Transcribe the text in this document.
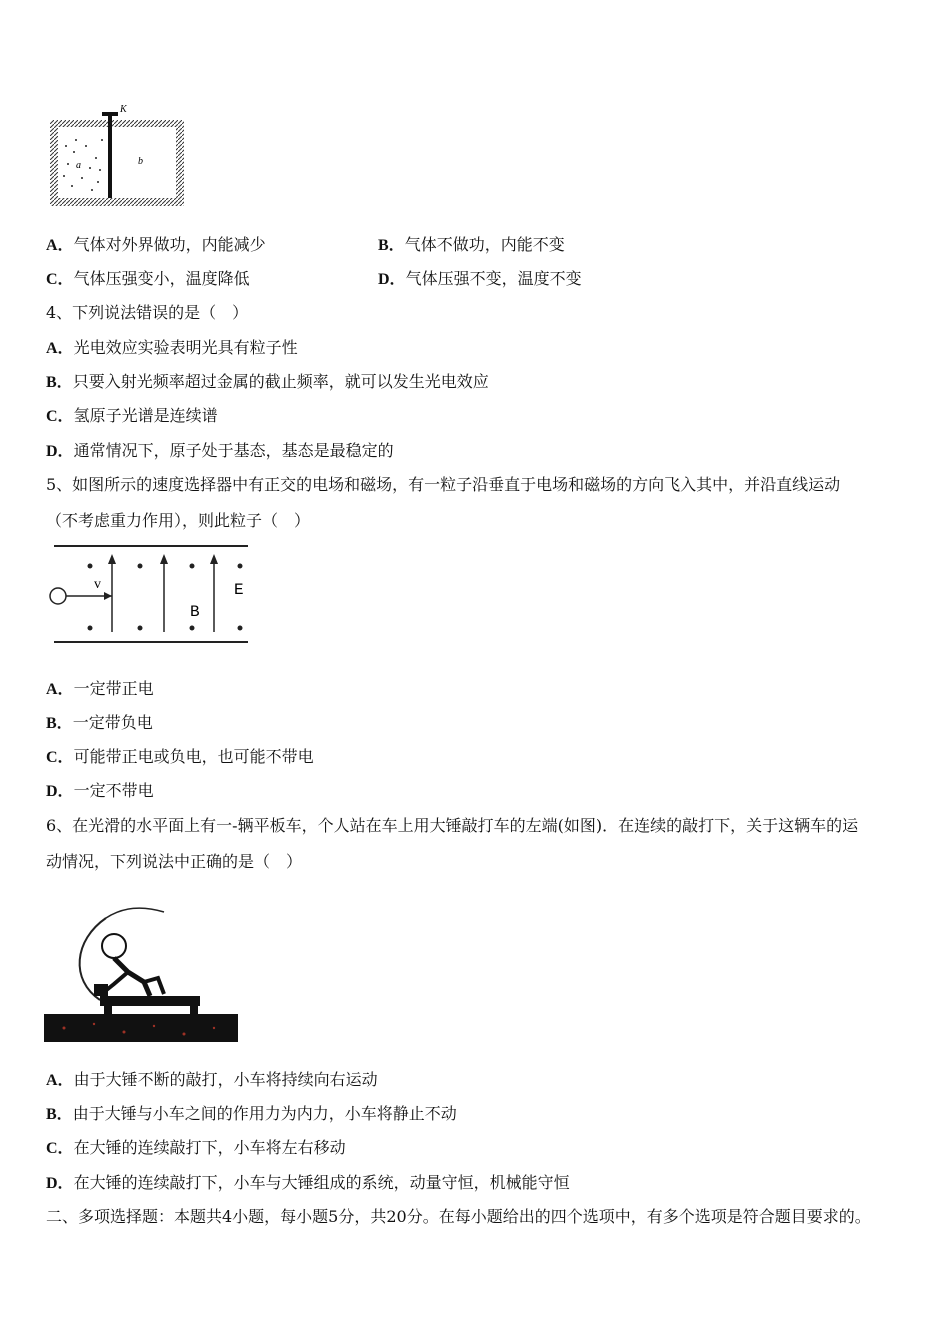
K
a	b
A．气体对外界做功，内能减少	B．气体不做功，内能不变
C．气体压强变小，温度降低	D．气体压强不变，温度不变
4、下列说法错误的是（　）
A．光电效应实验表明光具有粒子性
B．只要入射光频率超过金属的截止频率，就可以发生光电效应
C．氢原子光谱是连续谱
D．通常情况下，原子处于基态，基态是最稳定的
5、如图所示的速度选择器中有正交的电场和磁场，有一粒子沿垂直于电场和磁场的方向飞入其中，并沿直线运动
（不考虑重力作用），则此粒子（　）
v
B
E
A．一定带正电
B．一定带负电
C．可能带正电或负电，也可能不带电
D．一定不带电
6、在光滑的水平面上有一-辆平板车，个人站在车上用大锤敲打车的左端(如图)．在连续的敲打下，关于这辆车的运
动情况，下列说法中正确的是（　）
A．由于大锤不断的敲打，小车将持续向右运动
B．由于大锤与小车之间的作用力为内力，小车将静止不动
C．在大锤的连续敲打下，小车将左右移动
D．在大锤的连续敲打下，小车与大锤组成的系统，动量守恒，机械能守恒
二、多项选择题：本题共4小题，每小题5分，共20分。在每小题给出的四个选项中，有多个选项是符合题目要求的。
